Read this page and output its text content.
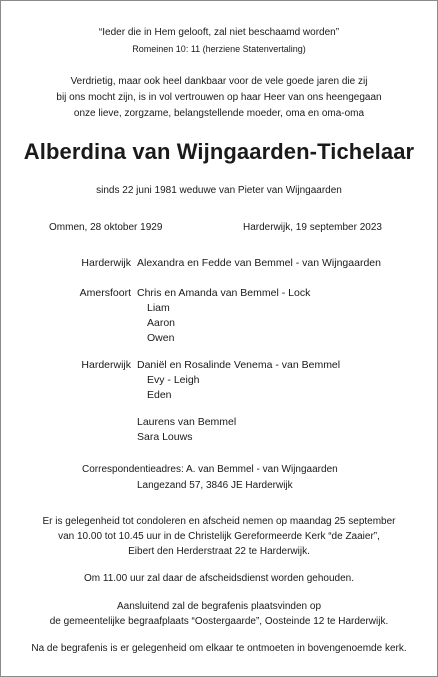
“Ieder die in Hem gelooft, zal niet beschaamd worden”
Romeinen 10: 11 (herziene Statenvertaling)
Verdrietig, maar ook heel dankbaar voor de vele goede jaren die zij
bij ons mocht zijn, is in vol vertrouwen op haar Heer van ons heengegaan
onze lieve, zorgzame, belangstellende moeder, oma en oma-oma
Alberdina van Wijngaarden-Tichelaar
sinds 22 juni 1981 weduwe van Pieter van Wijngaarden
Ommen, 28 oktober 1929	Harderwijk, 19 september 2023
Harderwijk Alexandra en Fedde van Bemmel - van Wijngaarden
Amersfoort Chris en Amanda van Bemmel - Lock
Liam
Aaron
Owen
Harderwijk Daniël en Rosalinde Venema - van Bemmel
Evy - Leigh
Eden
Laurens van Bemmel
Sara Louws
Correspondentieadres: A. van Bemmel - van Wijngaarden
Langezand 57, 3846 JE Harderwijk
Er is gelegenheid tot condoleren en afscheid nemen op maandag 25 september
van 10.00 tot 10.45 uur in de Christelijk Gereformeerde Kerk “de Zaaier”,
Eibert den Herderstraat 22 te Harderwijk.
Om 11.00 uur zal daar de afscheidsdienst worden gehouden.
Aansluitend zal de begrafenis plaatsvinden op
de gemeentelijke begraafplaats “Oostergaarde”, Oosteinde 12 te Harderwijk.
Na de begrafenis is er gelegenheid om elkaar te ontmoeten in bovengenoemde kerk.
